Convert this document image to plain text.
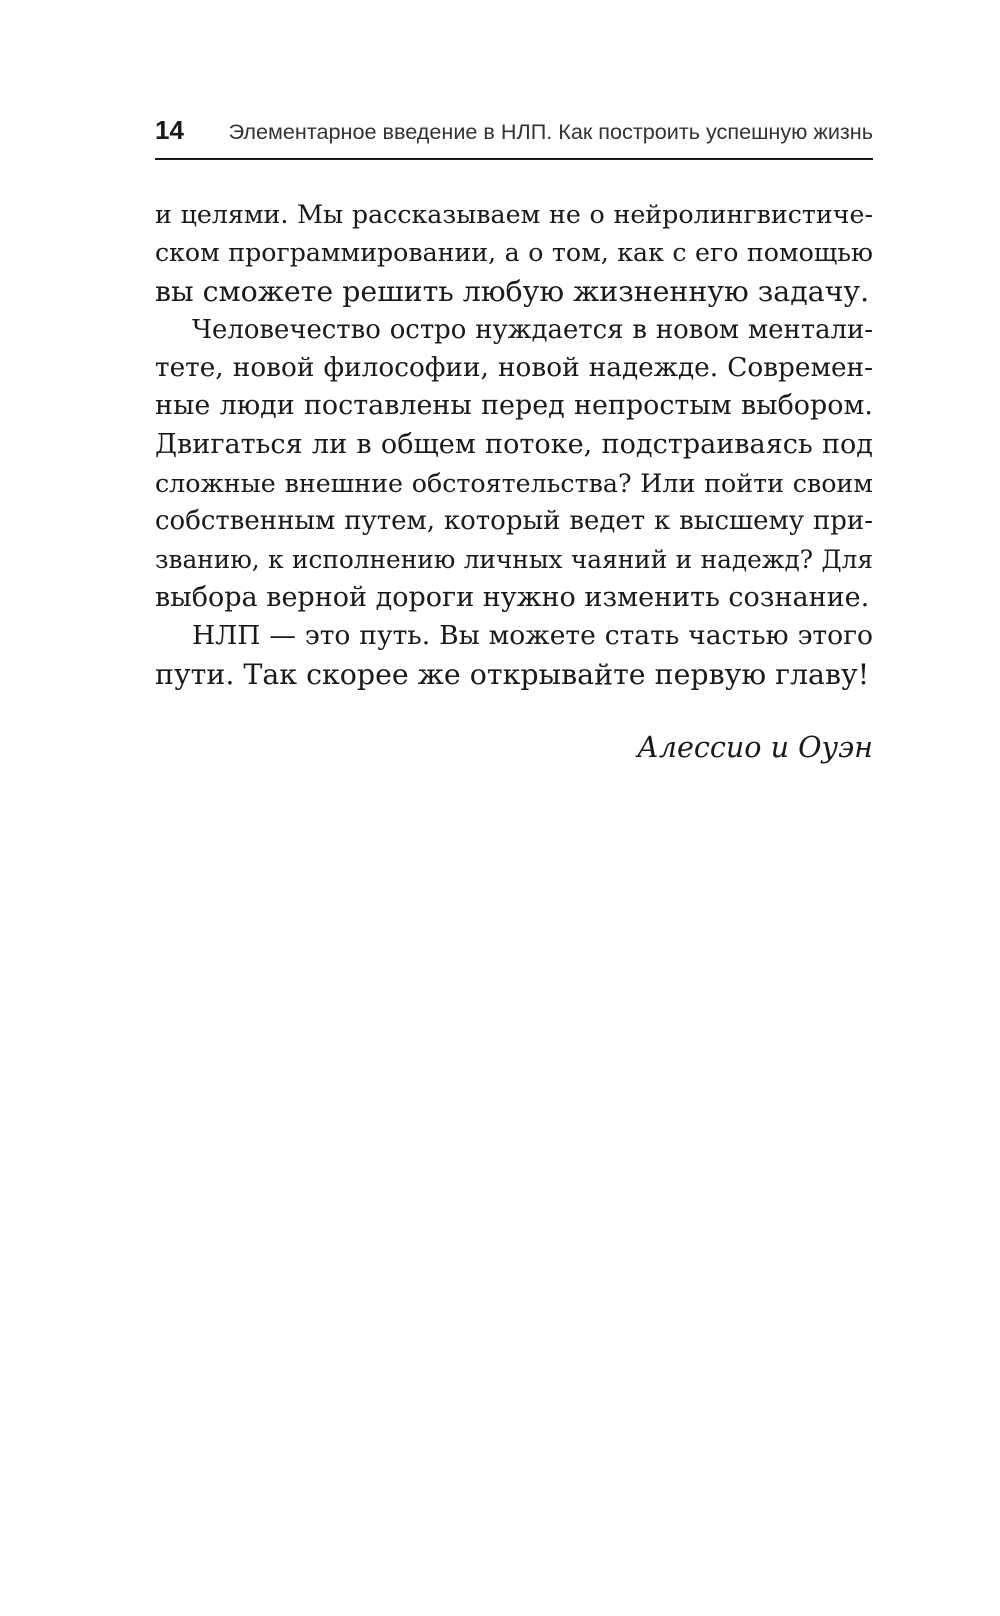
14 Элементарное введение в НЛП. Как построить успешную жизнь

и целями. Мы рассказываем не о нейролингвистиче-
ском программировании, а о том, как с его помощью
вы сможете решить любую жизненную задачу.

Человечество остро нуждается в новом ментали-
тете, новой философии, новой надежде. Современ-
ные люди поставлены перед непростым выбором.
Двигаться ли в общем потоке, подстраиваясь под
сложные внешние обстоятельства? Или пойти своим
собственным путем, который ведет к высшему при-
званию, к исполнению личных чаяний и надежд? Для
выбора верной дороги нужно изменить сознание.

НЛП — это путь. Вы можете стать частью этого
пути. Так скорее же открывайте первую главу!

Алессио и Оуэн
